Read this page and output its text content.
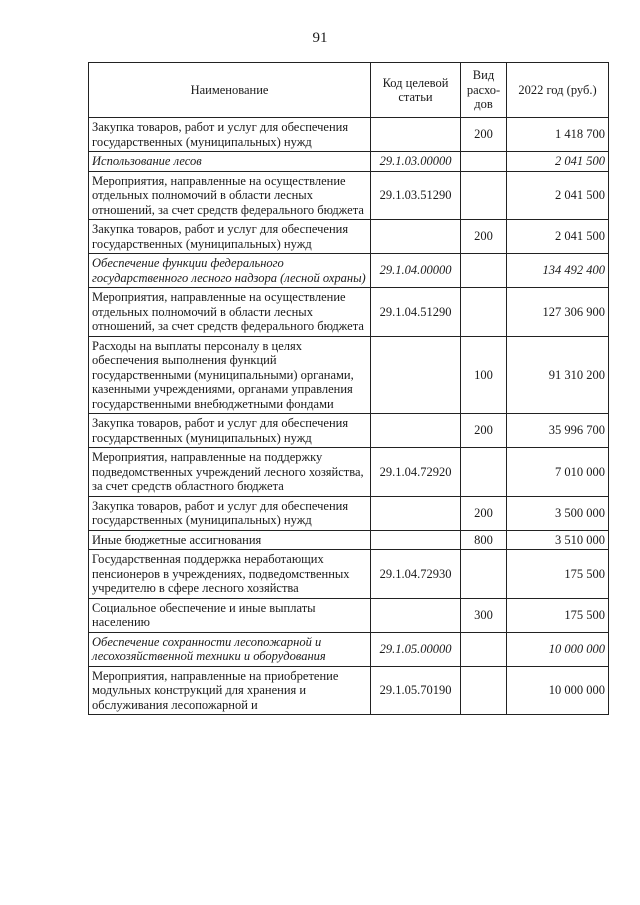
91
Наименование	Код целевой статьи	Вид расхо-дов	2022 год (руб.)
Закупка товаров, работ и услуг для обеспечения государственных (муниципальных) нужд		200	1 418 700
Использование лесов	29.1.03.00000		2 041 500
Мероприятия, направленные на осуществление отдельных полномочий в области лесных отношений, за счет средств федерального бюджета	29.1.03.51290		2 041 500
Закупка товаров, работ и услуг для обеспечения государственных (муниципальных) нужд		200	2 041 500
Обеспечение функции федерального государственного лесного надзора (лесной охраны)	29.1.04.00000		134 492 400
Мероприятия, направленные на осуществление отдельных полномочий в области лесных отношений, за счет средств федерального бюджета	29.1.04.51290		127 306 900
Расходы на выплаты персоналу в целях обеспечения выполнения функций государственными (муниципальными) органами, казенными учреждениями, органами управления государственными внебюджетными фондами		100	91 310 200
Закупка товаров, работ и услуг для обеспечения государственных (муниципальных) нужд		200	35 996 700
Мероприятия, направленные на поддержку подведомственных учреждений лесного хозяйства, за счет средств областного бюджета	29.1.04.72920		7 010 000
Закупка товаров, работ и услуг для обеспечения государственных (муниципальных) нужд		200	3 500 000
Иные бюджетные ассигнования		800	3 510 000
Государственная поддержка неработающих пенсионеров в учреждениях, подведомственных учредителю в сфере лесного хозяйства	29.1.04.72930		175 500
Социальное обеспечение и иные выплаты населению		300	175 500
Обеспечение сохранности лесопожарной и лесохозяйственной техники и оборудования	29.1.05.00000		10 000 000
Мероприятия, направленные на приобретение модульных конструкций для хранения и обслуживания лесопожарной и	29.1.05.70190		10 000 000
